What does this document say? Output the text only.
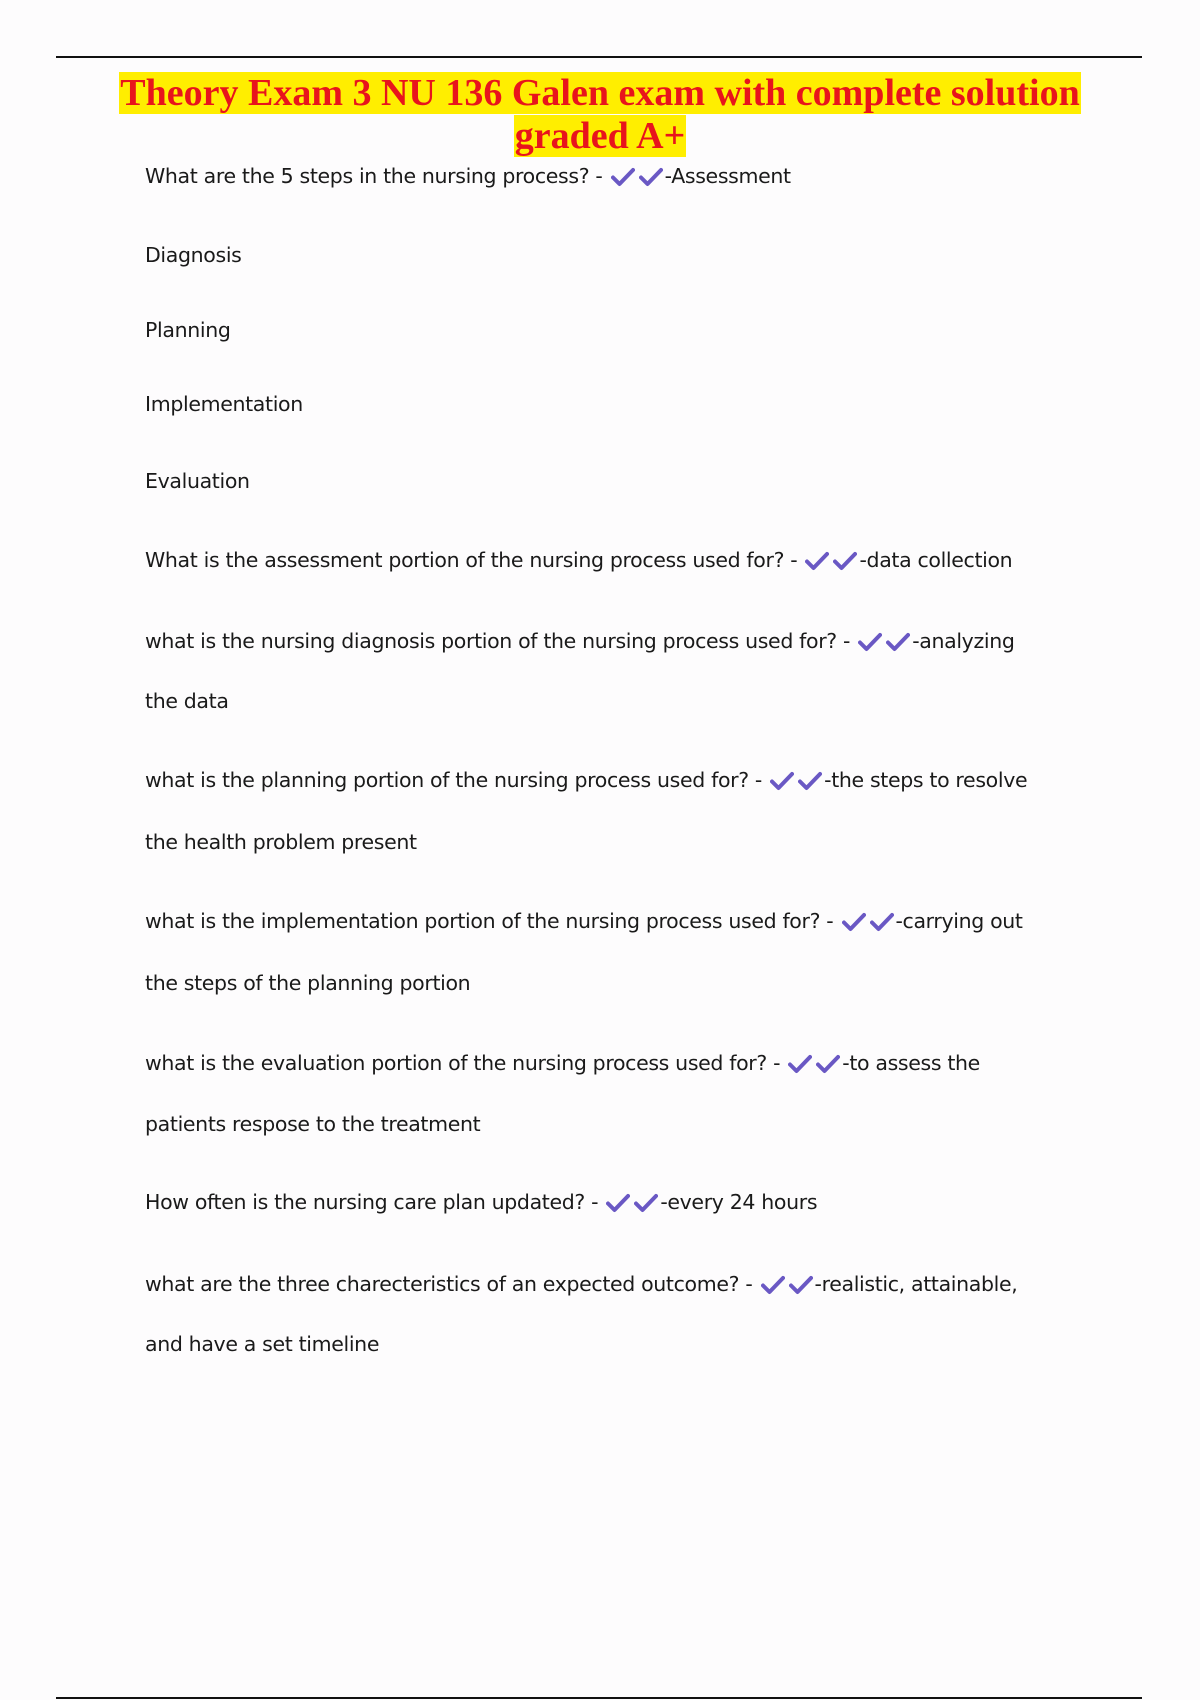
Theory Exam 3 NU 136 Galen exam with complete solution
graded A+
What are the 5 steps in the nursing process? -	-Assessment
Diagnosis
Planning
Implementation
Evaluation
What is the assessment portion of the nursing process used for? -	-data collection
what is the nursing diagnosis portion of the nursing process used for? -	-analyzing
the data
what is the planning portion of the nursing process used for? -	-the steps to resolve
the health problem present
what is the implementation portion of the nursing process used for? -	-carrying out
the steps of the planning portion
what is the evaluation portion of the nursing process used for? -	-to assess the
patients respose to the treatment
How often is the nursing care plan updated? -	-every 24 hours
what are the three charecteristics of an expected outcome? -	-realistic, attainable,
and have a set timeline
